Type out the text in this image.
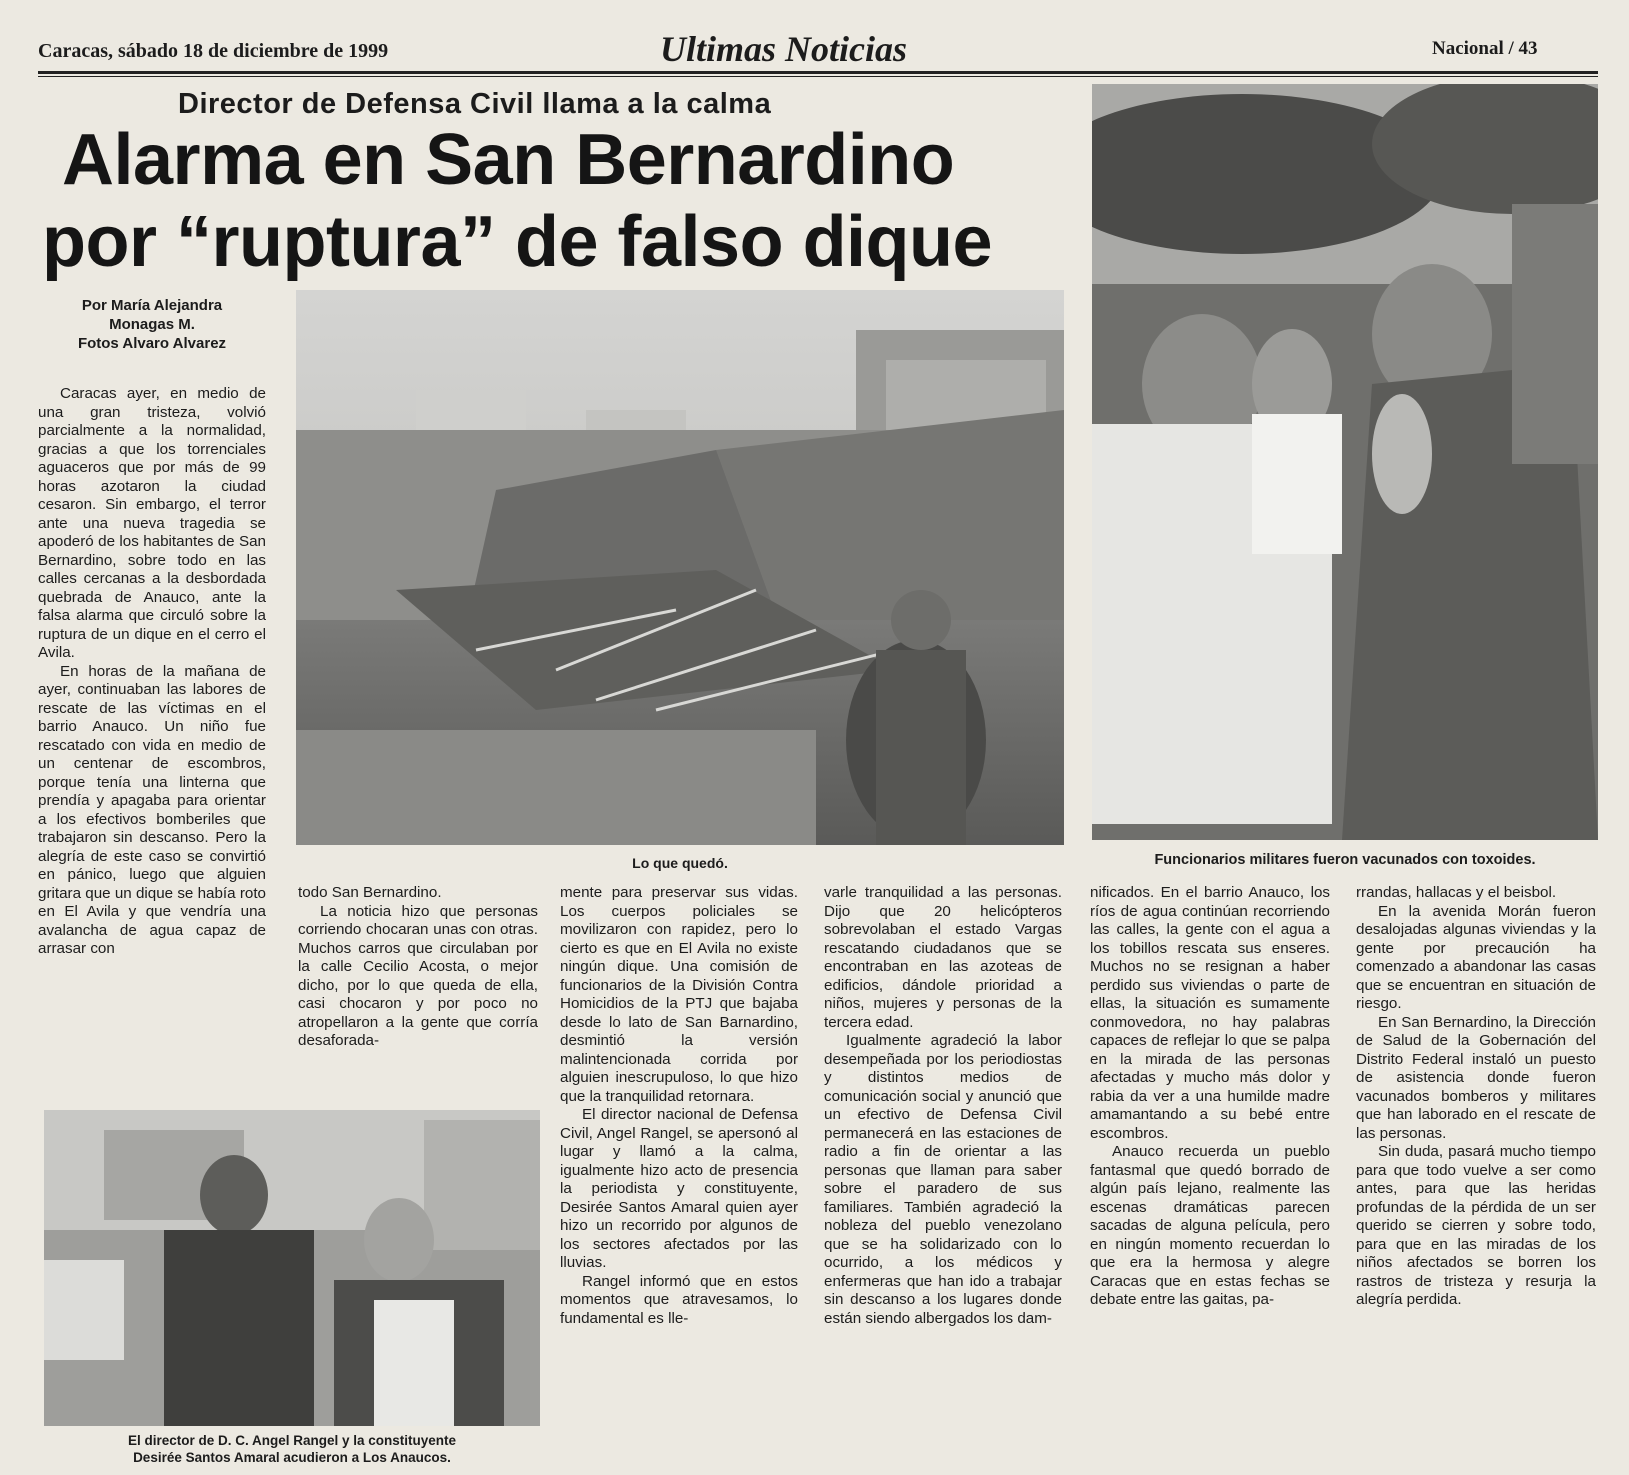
Caracas, sábado 18 de diciembre de 1999	Ultimas Noticias	Nacional / 43
Director de Defensa Civil llama a la calma
Alarma en San Bernardino
por “ruptura” de falso dique
Por María Alejandra
Monagas M.
Fotos Alvaro Alvarez
Lo que quedó.	Funcionarios militares fueron vacunados con toxoides.
El director de D. C. Angel Rangel y la constituyente
Desirée Santos Amaral acudieron a Los Anaucos.

Caracas ayer, en medio de una gran tristeza, volvió parcialmente a la normalidad, gracias a que los torrenciales aguaceros que por más de 99 horas azotaron la ciudad cesaron. Sin embargo, el terror ante una nueva tragedia se apoderó de los habitantes de San Bernardino, sobre todo en las calles cercanas a la desbordada quebrada de Anauco, ante la falsa alarma que circuló sobre la ruptura de un dique en el cerro el Avila.

En horas de la mañana de ayer, continuaban las labores de rescate de las víctimas en el barrio Anauco. Un niño fue rescatado con vida en medio de un centenar de escombros, porque tenía una linterna que prendía y apagaba para orientar a los efectivos bomberiles que trabajaron sin descanso. Pero la alegría de este caso se convirtió en pánico, luego que alguien gritara que un dique se había roto en El Avila y que vendría una avalancha de agua capaz de arrasar con

todo San Bernardino.

La noticia hizo que personas corriendo chocaran unas con otras. Muchos carros que circulaban por la calle Cecilio Acosta, o mejor dicho, por lo que queda de ella, casi chocaron y por poco no atropellaron a la gente que corría desaforada-

mente para preservar sus vidas. Los cuerpos policiales se movilizaron con rapidez, pero lo cierto es que en El Avila no existe ningún dique. Una comisión de funcionarios de la División Contra Homicidios de la PTJ que bajaba desde lo lato de San Barnardino, desmintió la versión malintencionada corrida por alguien inescrupuloso, lo que hizo que la tranquilidad retornara.

El director nacional de Defensa Civil, Angel Rangel, se apersonó al lugar y llamó a la calma, igualmente hizo acto de presencia la periodista y constituyente, Desirée Santos Amaral quien ayer hizo un recorrido por algunos de los sectores afectados por las lluvias.

Rangel informó que en estos momentos que atravesamos, lo fundamental es lle-

varle tranquilidad a las personas. Dijo que 20 helicópteros sobrevolaban el estado Vargas rescatando ciudadanos que se encontraban en las azoteas de edificios, dándole prioridad a niños, mujeres y personas de la tercera edad.

Igualmente agradeció la labor desempeñada por los periodiostas y distintos medios de comunicación social y anunció que un efectivo de Defensa Civil permanecerá en las estaciones de radio a fin de orientar a las personas que llaman para saber sobre el paradero de sus familiares. También agradeció la nobleza del pueblo venezolano que se ha solidarizado con lo ocurrido, a los médicos y enfermeras que han ido a trabajar sin descanso a los lugares donde están siendo albergados los dam-

nificados. En el barrio Anauco, los ríos de agua continúan recorriendo las calles, la gente con el agua a los tobillos rescata sus enseres. Muchos no se resignan a haber perdido sus viviendas o parte de ellas, la situación es sumamente conmovedora, no hay palabras capaces de reflejar lo que se palpa en la mirada de las personas afectadas y mucho más dolor y rabia da ver a una humilde madre amamantando a su bebé entre escombros.

Anauco recuerda un pueblo fantasmal que quedó borrado de algún país lejano, realmente las escenas dramáticas parecen sacadas de alguna película, pero en ningún momento recuerdan lo que era la hermosa y alegre Caracas que en estas fechas se debate entre las gaitas, pa-

rrandas, hallacas y el beisbol.

En la avenida Morán fueron desalojadas algunas viviendas y la gente por precaución ha comenzado a abandonar las casas que se encuentran en situación de riesgo.

En San Bernardino, la Dirección de Salud de la Gobernación del Distrito Federal instaló un puesto de asistencia donde fueron vacunados bomberos y militares que han laborado en el rescate de las personas.

Sin duda, pasará mucho tiempo para que todo vuelve a ser como antes, para que las heridas profundas de la pérdida de un ser querido se cierren y sobre todo, para que en las miradas de los niños afectados se borren los rastros de tristeza y resurja la alegría perdida.
